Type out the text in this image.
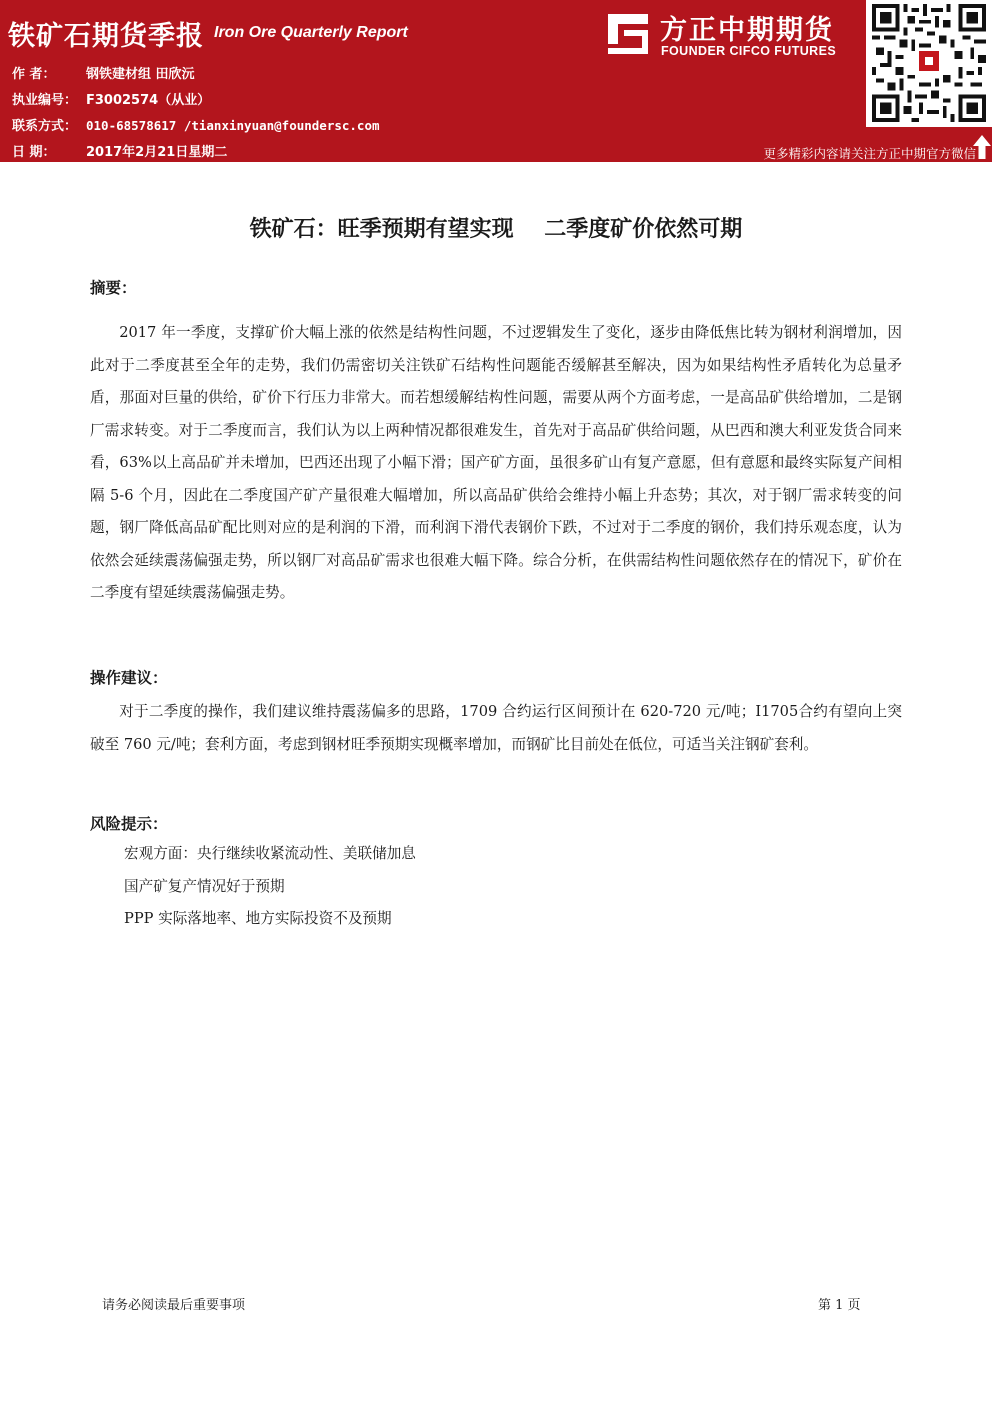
铁矿石期货季报 Iron Ore Quarterly Report
作 者： 钢铁建材组 田欣沅
执业编号： F3002574（从业）
联系方式： 010-68578617 /tianxinyuan@foundersc.com
日 期： 2017年2月21日星期二
方正中期期货
FOUNDER CIFCO FUTURES
更多精彩内容请关注方正中期官方微信
铁矿石：旺季预期有望实现    二季度矿价依然可期
摘要：

2017 年一季度，支撑矿价大幅上涨的依然是结构性问题，不过逻辑发生了变化，逐步由降低焦比转为钢材利润增加，因此对于二季度甚至全年的走势，我们仍需密切关注铁矿石结构性问题能否缓解甚至解决，因为如果结构性矛盾转化为总量矛盾，那面对巨量的供给，矿价下行压力非常大。而若想缓解结构性问题，需要从两个方面考虑，一是高品矿供给增加，二是钢厂需求转变。对于二季度而言，我们认为以上两种情况都很难发生，首先对于高品矿供给问题，从巴西和澳大利亚发货合同来看，63%以上高品矿并未增加，巴西还出现了小幅下滑；国产矿方面，虽很多矿山有复产意愿，但有意愿和最终实际复产间相隔 5-6 个月，因此在二季度国产矿产量很难大幅增加，所以高品矿供给会维持小幅上升态势；其次，对于钢厂需求转变的问题，钢厂降低高品矿配比则对应的是利润的下滑，而利润下滑代表钢价下跌，不过对于二季度的钢价，我们持乐观态度，认为依然会延续震荡偏强走势，所以钢厂对高品矿需求也很难大幅下降。综合分析，在供需结构性问题依然存在的情况下，矿价在二季度有望延续震荡偏强走势。

操作建议：

对于二季度的操作，我们建议维持震荡偏多的思路，1709 合约运行区间预计在 620-720 元/吨；I1705合约有望向上突破至 760 元/吨；套利方面，考虑到钢材旺季预期实现概率增加，而钢矿比目前处在低位，可适当关注钢矿套利。

风险提示：
宏观方面：央行继续收紧流动性、美联储加息
国产矿复产情况好于预期
PPP 实际落地率、地方实际投资不及预期
请务必阅读最后重要事项	第 1 页
